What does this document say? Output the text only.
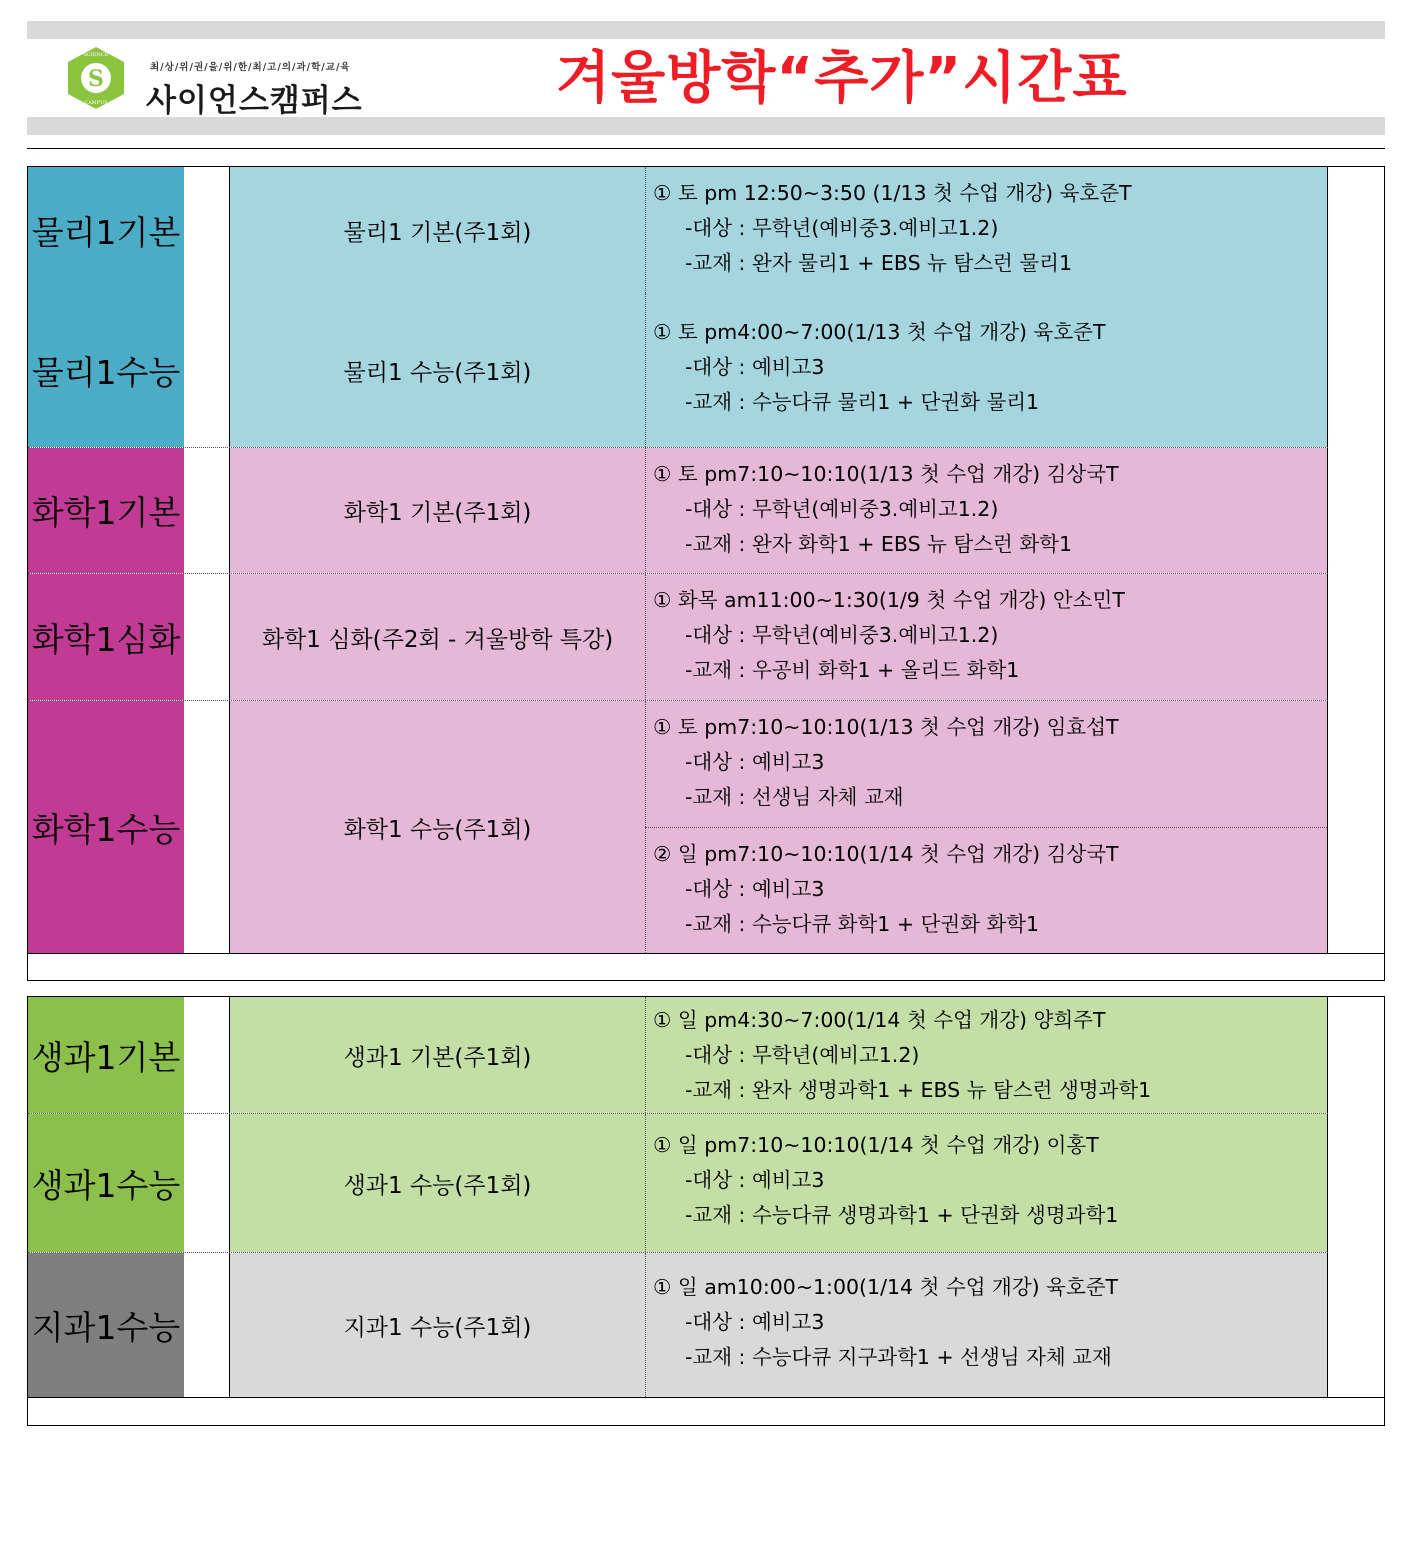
S
SCIENCE
CAMPUS
최/상/위/권/을/위/한/최/고/의/과/학/교/육
사이언스캠퍼스	겨울방학“추가”시간표
물리1기본	물리1 기본(주1회)
① 토 pm 12:50~3:50 (1/13 첫 수업 개강) 육호준T
-대상 : 무학년(예비중3.예비고1.2)
-교재 : 완자 물리1 + EBS 뉴 탐스런 물리1
물리1수능	물리1 수능(주1회)
① 토 pm4:00~7:00(1/13 첫 수업 개강) 육호준T
-대상 : 예비고3
-교재 : 수능다큐 물리1 + 단권화 물리1
화학1기본	화학1 기본(주1회)
① 토 pm7:10~10:10(1/13 첫 수업 개강) 김상국T
-대상 : 무학년(예비중3.예비고1.2)
-교재 : 완자 화학1 + EBS 뉴 탐스런 화학1
화학1심화	화학1 심화(주2회 - 겨울방학 특강)
① 화목 am11:00~1:30(1/9 첫 수업 개강) 안소민T
-대상 : 무학년(예비중3.예비고1.2)
-교재 : 우공비 화학1 + 올리드 화학1
화학1수능	화학1 수능(주1회)
① 토 pm7:10~10:10(1/13 첫 수업 개강) 임효섭T
-대상 : 예비고3
-교재 : 선생님 자체 교재
② 일 pm7:10~10:10(1/14 첫 수업 개강) 김상국T
-대상 : 예비고3
-교재 : 수능다큐 화학1 + 단권화 화학1
생과1기본	생과1 기본(주1회)
① 일 pm4:30~7:00(1/14 첫 수업 개강) 양희주T
-대상 : 무학년(예비고1.2)
-교재 : 완자 생명과학1 + EBS 뉴 탐스런 생명과학1
생과1수능	생과1 수능(주1회)
① 일 pm7:10~10:10(1/14 첫 수업 개강) 이홍T
-대상 : 예비고3
-교재 : 수능다큐 생명과학1 + 단권화 생명과학1
지과1수능	지과1 수능(주1회)
① 일 am10:00~1:00(1/14 첫 수업 개강) 육호준T
-대상 : 예비고3
-교재 : 수능다큐 지구과학1 + 선생님 자체 교재
